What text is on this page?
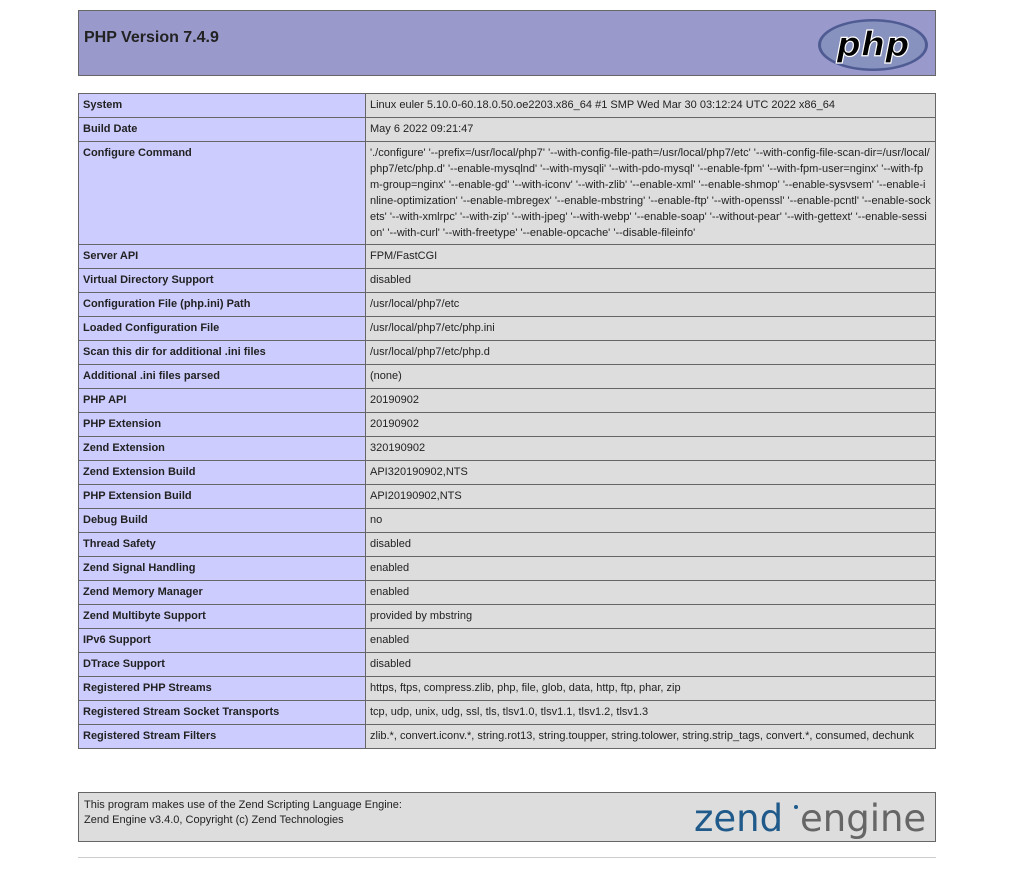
PHP Version 7.4.9	php
System	Linux euler 5.10.0-60.18.0.50.oe2203.x86_64 #1 SMP Wed Mar 30 03:12:24 UTC 2022 x86_64
Build Date	May 6 2022 09:21:47
Configure Command	'./configure' '--prefix=/usr/local/php7' '--with-config-file-path=/usr/local/php7/etc' '--with-config-file-scan-dir=/usr/local/php7/etc/php.d' '--enable-mysqlnd' '--with-mysqli' '--with-pdo-mysql' '--enable-fpm' '--with-fpm-user=nginx' '--with-fpm-group=nginx' '--enable-gd' '--with-iconv' '--with-zlib' '--enable-xml' '--enable-shmop' '--enable-sysvsem' '--enable-inline-optimization' '--enable-mbregex' '--enable-mbstring' '--enable-ftp' '--with-openssl' '--enable-pcntl' '--enable-sockets' '--with-xmlrpc' '--with-zip' '--with-jpeg' '--with-webp' '--enable-soap' '--without-pear' '--with-gettext' '--enable-session' '--with-curl' '--with-freetype' '--enable-opcache' '--disable-fileinfo'
Server API	FPM/FastCGI
Virtual Directory Support	disabled
Configuration File (php.ini) Path	/usr/local/php7/etc
Loaded Configuration File	/usr/local/php7/etc/php.ini
Scan this dir for additional .ini files	/usr/local/php7/etc/php.d
Additional .ini files parsed	(none)
PHP API	20190902
PHP Extension	20190902
Zend Extension	320190902
Zend Extension Build	API320190902,NTS
PHP Extension Build	API20190902,NTS
Debug Build	no
Thread Safety	disabled
Zend Signal Handling	enabled
Zend Memory Manager	enabled
Zend Multibyte Support	provided by mbstring
IPv6 Support	enabled
DTrace Support	disabled
Registered PHP Streams	https, ftps, compress.zlib, php, file, glob, data, http, ftp, phar, zip
Registered Stream Socket Transports	tcp, udp, unix, udg, ssl, tls, tlsv1.0, tlsv1.1, tlsv1.2, tlsv1.3
Registered Stream Filters	zlib.*, convert.iconv.*, string.rot13, string.toupper, string.tolower, string.strip_tags, convert.*, consumed, dechunk
This program makes use of the Zend Scripting Language Engine:
Zend Engine v3.4.0, Copyright (c) Zend Technologies	zend engine
